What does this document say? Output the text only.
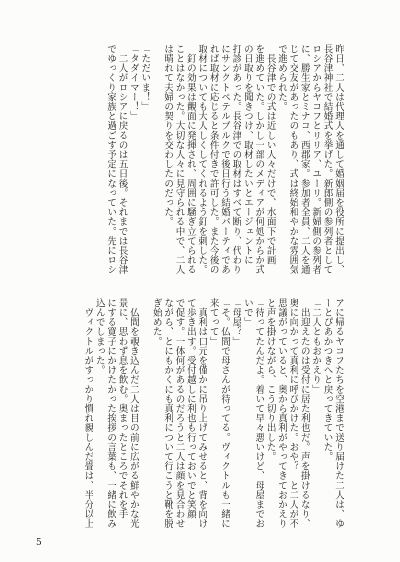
昨日、二人は代理人を通して婚姻届を役所に提出し、
長谷津神社で結婚式を挙げた。新郎側の参列者として
ロシアからヤコフとリリア、ユーリ。新婦側の参列者
に、勝生家とミナコ、西郡家。参加者全員、二人を通
じて交友があったのもあり、式は終始和やかな雰囲気
で進められた。
　長谷津での式は近しい人々だけで、水面下で計画
を進めていた。しかし一部のメディアが何処からか式
の日取りを聞きつけ、取材したいとエージェントに
打診があった。長谷津での取材はすべて断り、代わり
にサンクトペテルブルクで後日行う結婚パーティであ
れば取材に応じると条件付きで許可した。また今後の
取材についても大人しくしてくれるよう釘を刺した。
　釘の効果は覿面に発揮され、周囲に騒ぎ立てられる
ことはなかった。大切な人々に見守られる中で、二人
は晴れて夫婦の契りを交わしたのだった。
「ただいま！」
「タダイマー！」
　二人がロシアに戻るのは五日後。それまでは長谷津
でゆっくり家族と過ごす予定になっていた。先にロシ
アに帰るヤコフたちを空港まで送り届けた二人は、ゆ
ーとぴあかつきへと戻ってきていた。
「二人ともおかえり」
　出迎えたのは受付に居た利也だ。声を掛けるなり、
奥に向かって真利に呼びかけた。おや？　と二人が不
思議がっていると、奥から真利がやってきておかえり
と声を掛けながら、こう切り出した。
「待ってたんだよ。着いて早々悪いけど、母屋までお
いで」
「母屋？」
「そ。仏間で母さんが待ってる。ヴィクトルも一緒に
来てって」
　真利は口元を僅かに吊り上げてみせると、背を向け
て歩き出す。受付越しに利也も行っておいでと笑顔
で促す。一体何があるのだろうと二人は顔を見合わせ
ながら、とにもかくにも真利について行こうと靴を脱
ぎ始めた。
　仏間を覗き込んだ二人は目の前に広がる鮮やかな光
景に、思わず息を飲む。奥まったところでそれを手
にする寛子にかけたかった挨拶の言葉も、一緒に飲み
込んでしまった。
　ヴィクトルがすっかり慣れ親しんだ畳は、半分以上
5
